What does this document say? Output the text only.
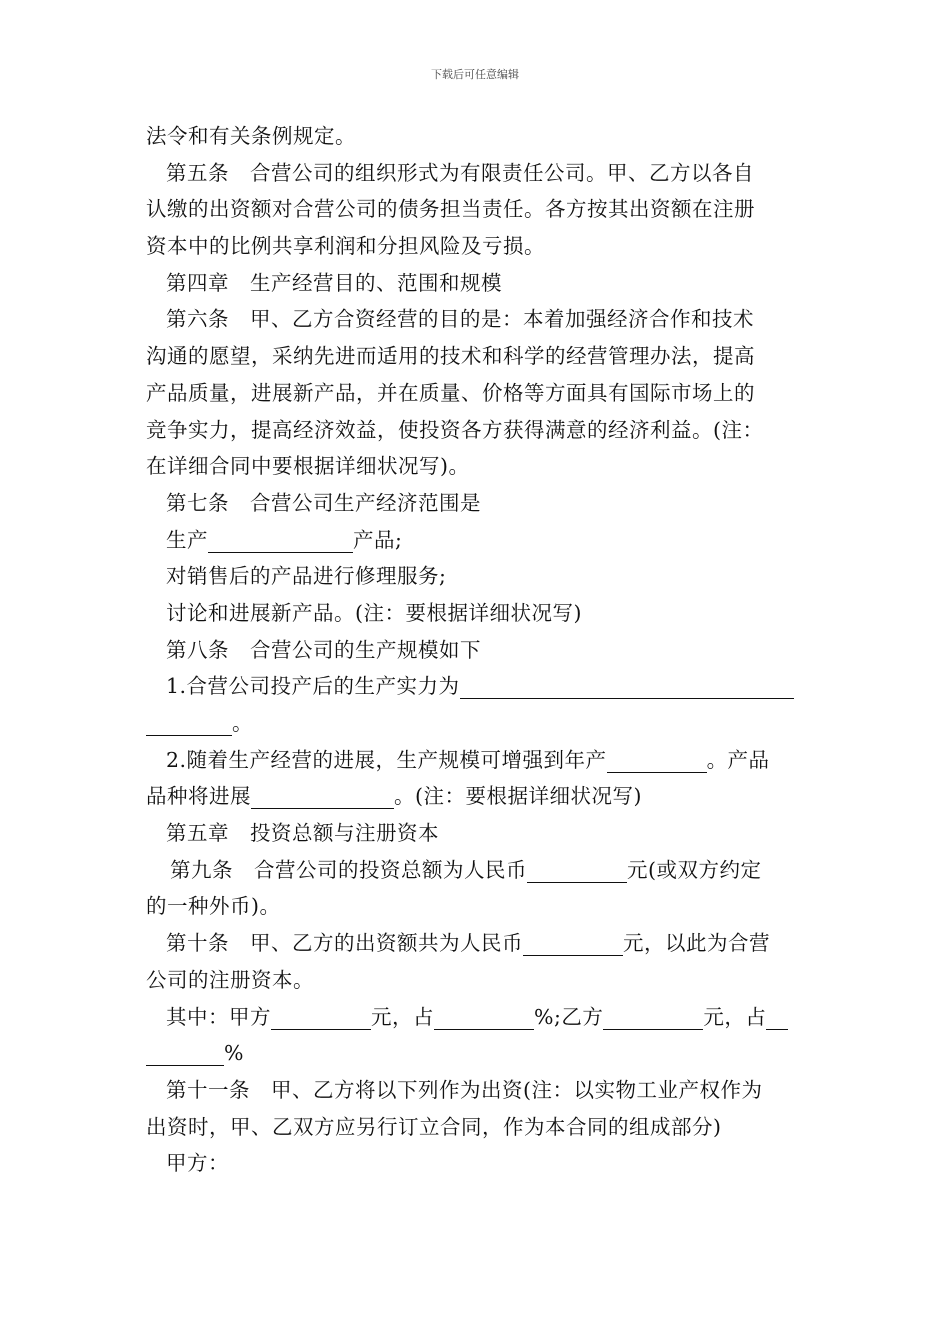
下载后可任意编辑
法令和有关条例规定。
第五条　合营公司的组织形式为有限责任公司。甲、乙方以各自
认缴的出资额对合营公司的债务担当责任。各方按其出资额在注册
资本中的比例共享利润和分担风险及亏损。
第四章　生产经营目的、范围和规模
第六条　甲、乙方合资经营的目的是：本着加强经济合作和技术
沟通的愿望，采纳先进而适用的技术和科学的经营管理办法，提高
产品质量，进展新产品，并在质量、价格等方面具有国际市场上的
竞争实力，提高经济效益，使投资各方获得满意的经济利益。(注：
在详细合同中要根据详细状况写)。
第七条　合营公司生产经济范围是
生产	产品;
对销售后的产品进行修理服务;
讨论和进展新产品。(注：要根据详细状况写)
第八条　合营公司的生产规模如下
1.合营公司投产后的生产实力为
。
2.随着生产经营的进展，生产规模可增强到年产	。产品
品种将进展	。(注：要根据详细状况写)
第五章　投资总额与注册资本
第九条　合营公司的投资总额为人民币	元(或双方约定
的一种外币)。
第十条　甲、乙方的出资额共为人民币	元，以此为合营
公司的注册资本。
其中：甲方	元，占	%;乙方	元，占
%
第十一条　甲、乙方将以下列作为出资(注：以实物工业产权作为
出资时，甲、乙双方应另行订立合同，作为本合同的组成部分)
甲方：
